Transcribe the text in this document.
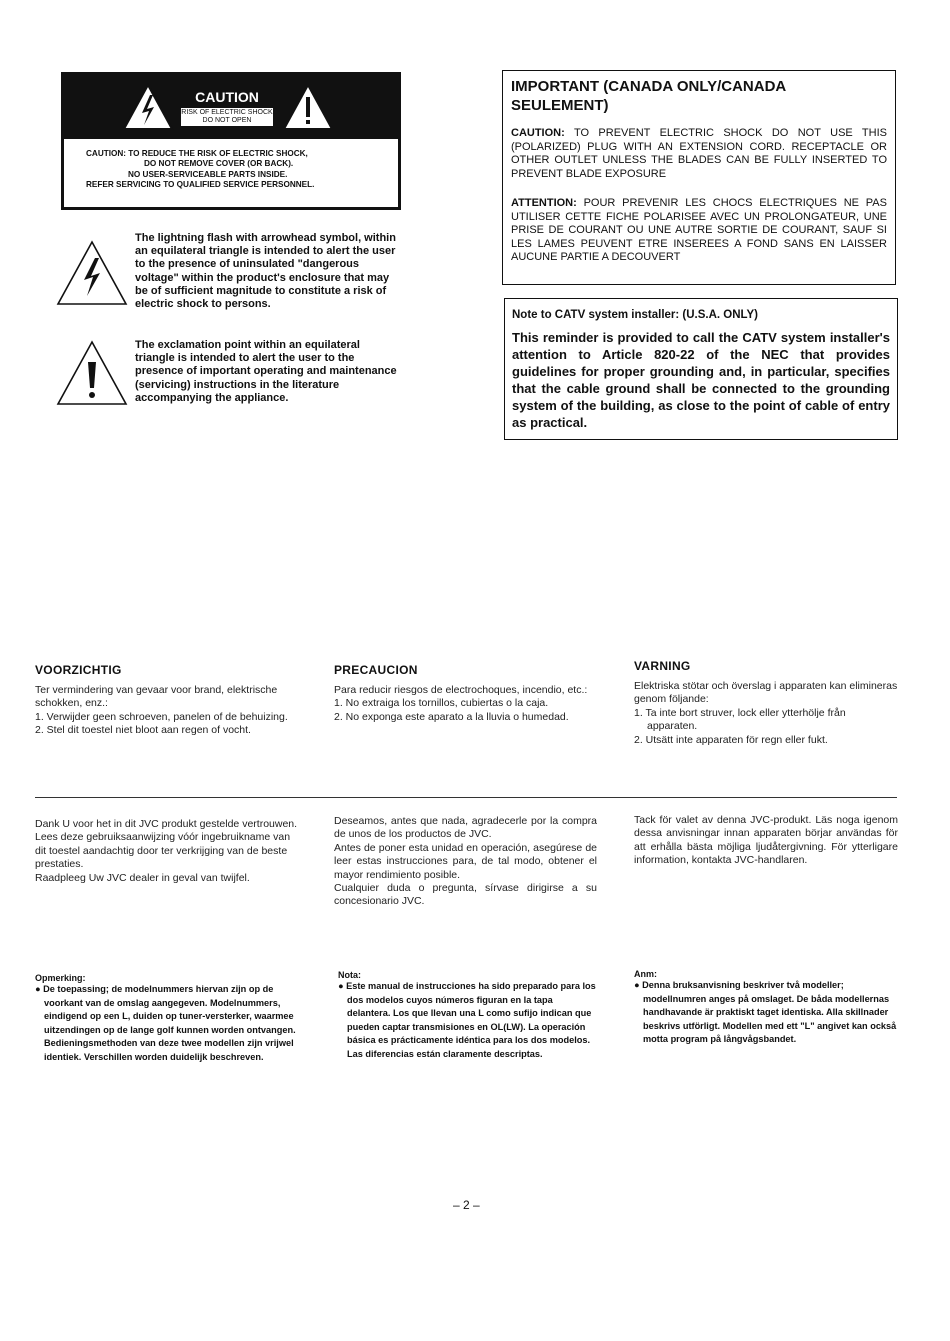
CAUTION
RISK OF ELECTRIC SHOCK
DO NOT OPEN
CAUTION: TO REDUCE THE RISK OF ELECTRIC SHOCK,
DO NOT REMOVE COVER (OR BACK).
NO USER-SERVICEABLE PARTS INSIDE.
REFER SERVICING TO QUALIFIED SERVICE PERSONNEL.
The lightning flash with arrowhead symbol, within an equilateral triangle is intended to alert the user to the presence of uninsulated "dangerous voltage" within the product's enclosure that may be of sufficient magnitude to constitute a risk of electric shock to persons.
The exclamation point within an equilateral triangle is intended to alert the user to the presence of important operating and maintenance (servicing) instructions in the literature accompanying the appliance.
IMPORTANT (CANADA ONLY/CANADA
SEULEMENT)
CAUTION: TO PREVENT ELECTRIC SHOCK DO NOT USE THIS (POLARIZED) PLUG WITH AN EXTENSION CORD. RECEPTACLE OR OTHER OUTLET UNLESS THE BLADES CAN BE FULLY INSERTED TO PREVENT BLADE EXPOSURE
ATTENTION: POUR PREVENIR LES CHOCS ELECTRIQUES NE PAS UTILISER CETTE FICHE POLARISEE AVEC UN PROLONGATEUR, UNE PRISE DE COURANT OU UNE AUTRE SORTIE DE COURANT, SAUF SI LES LAMES PEUVENT ETRE INSEREES A FOND SANS EN LAISSER AUCUNE PARTIE A DECOUVERT
Note to CATV system installer: (U.S.A. ONLY)
This reminder is provided to call the CATV system installer's attention to Article 820-22 of the NEC that provides guidelines for proper grounding and, in particular, specifies that the cable ground shall be connected to the grounding system of the building, as close to the point of cable of entry as practical.
VOORZICHTIG
Ter vermindering van gevaar voor brand, elektrische schokken, enz.:
1. Verwijder geen schroeven, panelen of de behuizing.
2. Stel dit toestel niet bloot aan regen of vocht.
PRECAUCION
Para reducir riesgos de electrochoques, incendio, etc.:
1. No extraiga los tornillos, cubiertas o la caja.
2. No exponga este aparato a la lluvia o humedad.
VARNING
Elektriska stötar och överslag i apparaten kan elimineras genom följande:
1. Ta inte bort struver, lock eller ytterhölje från apparaten.
2. Utsätt inte apparaten för regn eller fukt.
Dank U voor het in dit JVC produkt gestelde vertrouwen.
Lees deze gebruiksaanwijzing vóór ingebruikname van dit toestel aandachtig door ter verkrijging van de beste prestaties.
Raadpleeg Uw JVC dealer in geval van twijfel.
Deseamos, antes que nada, agradecerle por la compra de unos de los productos de JVC.
Antes de poner esta unidad en operación, asegúrese de leer estas instrucciones para, de tal modo, obtener el mayor rendimiento posible.
Cualquier duda o pregunta, sírvase dirigirse a su concesionario JVC.
Tack för valet av denna JVC-produkt. Läs noga igenom dessa anvisningar innan apparaten börjar användas för att erhålla bästa möjliga ljudåtergivning. För ytterligare information, kontakta JVC-handlaren.
Opmerking:
● De toepassing; de modelnummers hiervan zijn op de voorkant van de omslag aangegeven. Modelnummers, eindigend op een L, duiden op tuner-versterker, waarmee uitzendingen op de lange golf kunnen worden ontvangen. Bedieningsmethoden van deze twee modellen zijn vrijwel identiek. Verschillen worden duidelijk beschreven.
Nota:
● Este manual de instrucciones ha sido preparado para los dos modelos cuyos números figuran en la tapa delantera. Los que llevan una L como sufijo indican que pueden captar transmisiones en OL(LW). La operación básica es prácticamente idéntica para los dos modelos. Las diferencias están claramente descriptas.
Anm:
● Denna bruksanvisning beskriver två modeller; modellnumren anges på omslaget. De båda modellernas handhavande är praktiskt taget identiska. Alla skillnader beskrivs utförligt. Modellen med ett "L" angivet kan också motta program på långvågsbandet.
– 2 –
